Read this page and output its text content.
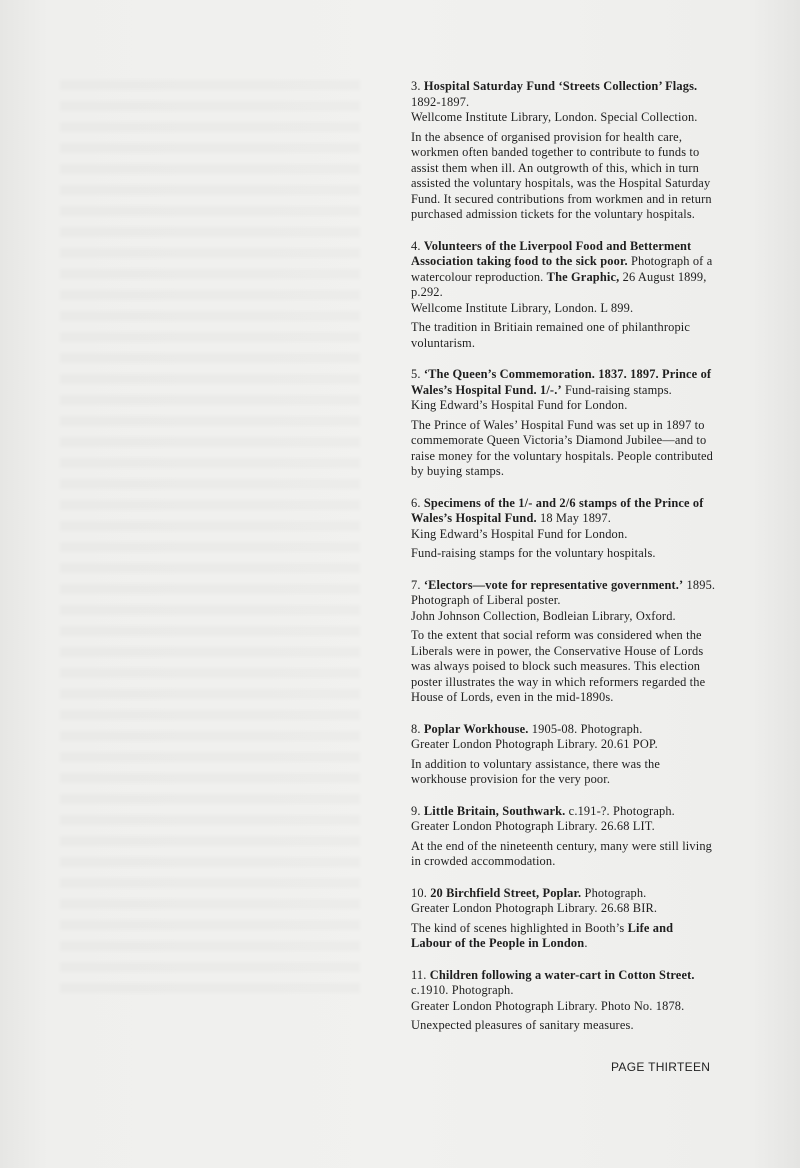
3. Hospital Saturday Fund ‘Streets Collection’ Flags. 1892-1897.

Wellcome Institute Library, London. Special Collection.

In the absence of organised provision for health care, workmen often banded together to contribute to funds to assist them when ill. An outgrowth of this, which in turn assisted the voluntary hospitals, was the Hospital Saturday Fund. It secured contributions from workmen and in return purchased admission tickets for the voluntary hospitals.

4. Volunteers of the Liverpool Food and Betterment Association taking food to the sick poor. Photograph of a watercolour reproduction. The Graphic, 26 August 1899, p.292.

Wellcome Institute Library, London. L 899.

The tradition in Britiain remained one of philanthropic voluntarism.

5. ‘The Queen’s Commemoration. 1837. 1897. Prince of Wales’s Hospital Fund. 1/-.’ Fund-raising stamps.

King Edward’s Hospital Fund for London.

The Prince of Wales’ Hospital Fund was set up in 1897 to commemorate Queen Victoria’s Diamond Jubilee—and to raise money for the voluntary hospitals. People contributed by buying stamps.

6. Specimens of the 1/- and 2/6 stamps of the Prince of Wales’s Hospital Fund. 18 May 1897.

King Edward’s Hospital Fund for London.

Fund-raising stamps for the voluntary hospitals.

7. ‘Electors—vote for representative government.’ 1895. Photograph of Liberal poster.

John Johnson Collection, Bodleian Library, Oxford.

To the extent that social reform was considered when the Liberals were in power, the Conservative House of Lords was always poised to block such measures. This election poster illustrates the way in which reformers regarded the House of Lords, even in the mid-1890s.

8. Poplar Workhouse. 1905-08. Photograph.

Greater London Photograph Library. 20.61 POP.

In addition to voluntary assistance, there was the workhouse provision for the very poor.

9. Little Britain, Southwark. c.191-?. Photograph.

Greater London Photograph Library. 26.68 LIT.

At the end of the nineteenth century, many were still living in crowded accommodation.

10. 20 Birchfield Street, Poplar. Photograph.

Greater London Photograph Library. 26.68 BIR.

The kind of scenes highlighted in Booth’s Life and Labour of the People in London.

11. Children following a water-cart in Cotton Street. c.1910. Photograph.

Greater London Photograph Library. Photo No. 1878.

Unexpected pleasures of sanitary measures.

PAGE THIRTEEN
